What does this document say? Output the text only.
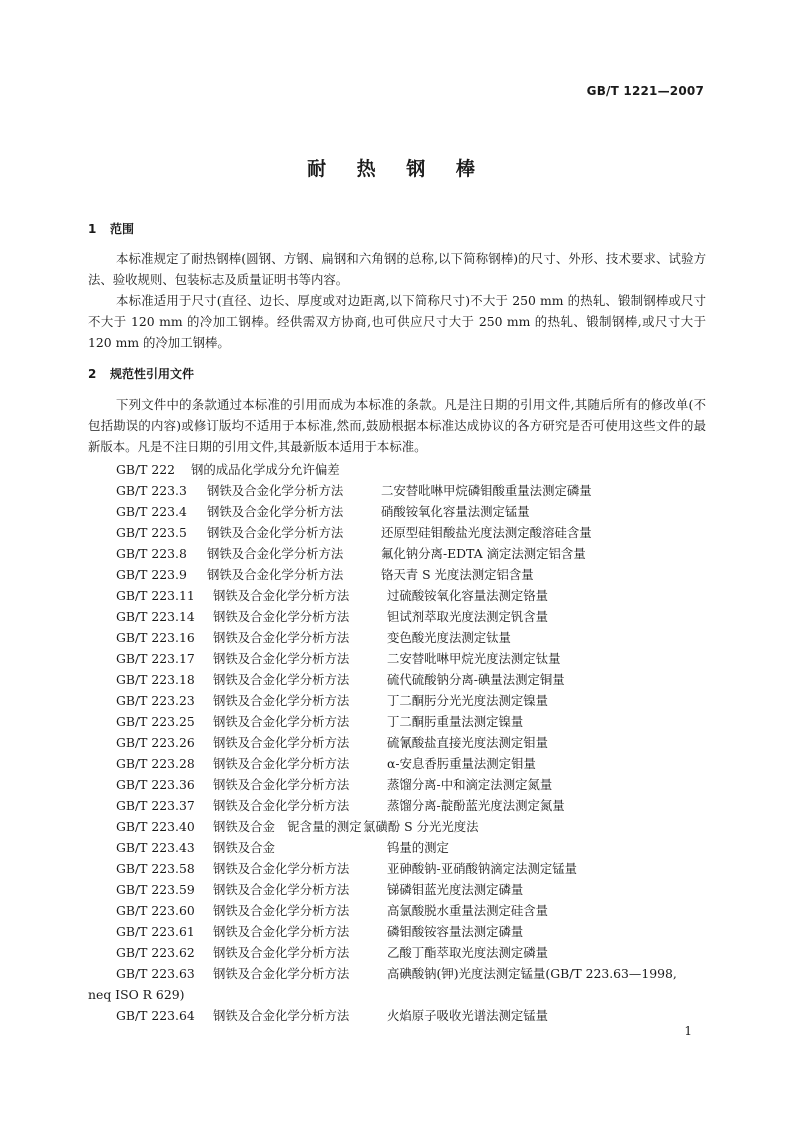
GB/T 1221—2007
耐 热 钢 棒
1 范围

本标准规定了耐热钢棒(圆钢、方钢、扁钢和六角钢的总称,以下简称钢棒)的尺寸、外形、技术要求、试验方法、验收规则、包装标志及质量证明书等内容。

本标准适用于尺寸(直径、边长、厚度或对边距离,以下简称尺寸)不大于 250 mm 的热轧、锻制钢棒或尺寸不大于 120 mm 的冷加工钢棒。经供需双方协商,也可供应尺寸大于 250 mm 的热轧、锻制钢棒,或尺寸大于 120 mm 的冷加工钢棒。

2 规范性引用文件

下列文件中的条款通过本标准的引用而成为本标准的条款。凡是注日期的引用文件,其随后所有的修改单(不包括勘误的内容)或修订版均不适用于本标准,然而,鼓励根据本标准达成协议的各方研究是否可使用这些文件的最新版本。凡是不注日期的引用文件,其最新版本适用于本标准。

GB/T 222 钢的成品化学成分允许偏差
GB/T 223.3 钢铁及合金化学分析方法	二安替吡啉甲烷磷钼酸重量法测定磷量
GB/T 223.4 钢铁及合金化学分析方法	硝酸铵氧化容量法测定锰量
GB/T 223.5 钢铁及合金化学分析方法	还原型硅钼酸盐光度法测定酸溶硅含量
GB/T 223.8 钢铁及合金化学分析方法	氟化钠分离-EDTA 滴定法测定铝含量
GB/T 223.9 钢铁及合金化学分析方法	铬天青 S 光度法测定铝含量
GB/T 223.11 钢铁及合金化学分析方法	过硫酸铵氧化容量法测定铬量
GB/T 223.14 钢铁及合金化学分析方法	钽试剂萃取光度法测定钒含量
GB/T 223.16 钢铁及合金化学分析方法	变色酸光度法测定钛量
GB/T 223.17 钢铁及合金化学分析方法	二安替吡啉甲烷光度法测定钛量
GB/T 223.18 钢铁及合金化学分析方法	硫代硫酸钠分离-碘量法测定铜量
GB/T 223.23 钢铁及合金化学分析方法	丁二酮肟分光光度法测定镍量
GB/T 223.25 钢铁及合金化学分析方法	丁二酮肟重量法测定镍量
GB/T 223.26 钢铁及合金化学分析方法	硫氰酸盐直接光度法测定钼量
GB/T 223.28 钢铁及合金化学分析方法	α-安息香肟重量法测定钼量
GB/T 223.36 钢铁及合金化学分析方法	蒸馏分离-中和滴定法测定氮量
GB/T 223.37 钢铁及合金化学分析方法	蒸馏分离-靛酚蓝光度法测定氮量
GB/T 223.40 钢铁及合金　铌含量的测定氯磺酚 S 分光光度法
GB/T 223.43 钢铁及合金	钨量的测定
GB/T 223.58 钢铁及合金化学分析方法	亚砷酸钠-亚硝酸钠滴定法测定锰量
GB/T 223.59 钢铁及合金化学分析方法	锑磷钼蓝光度法测定磷量
GB/T 223.60 钢铁及合金化学分析方法	高氯酸脱水重量法测定硅含量
GB/T 223.61 钢铁及合金化学分析方法	磷钼酸铵容量法测定磷量
GB/T 223.62 钢铁及合金化学分析方法	乙酸丁酯萃取光度法测定磷量
GB/T 223.63 钢铁及合金化学分析方法	高碘酸钠(钾)光度法测定锰量(GB/T 223.63—1998,
neq ISO R 629)
GB/T 223.64 钢铁及合金化学分析方法	火焰原子吸收光谱法测定锰量
1
